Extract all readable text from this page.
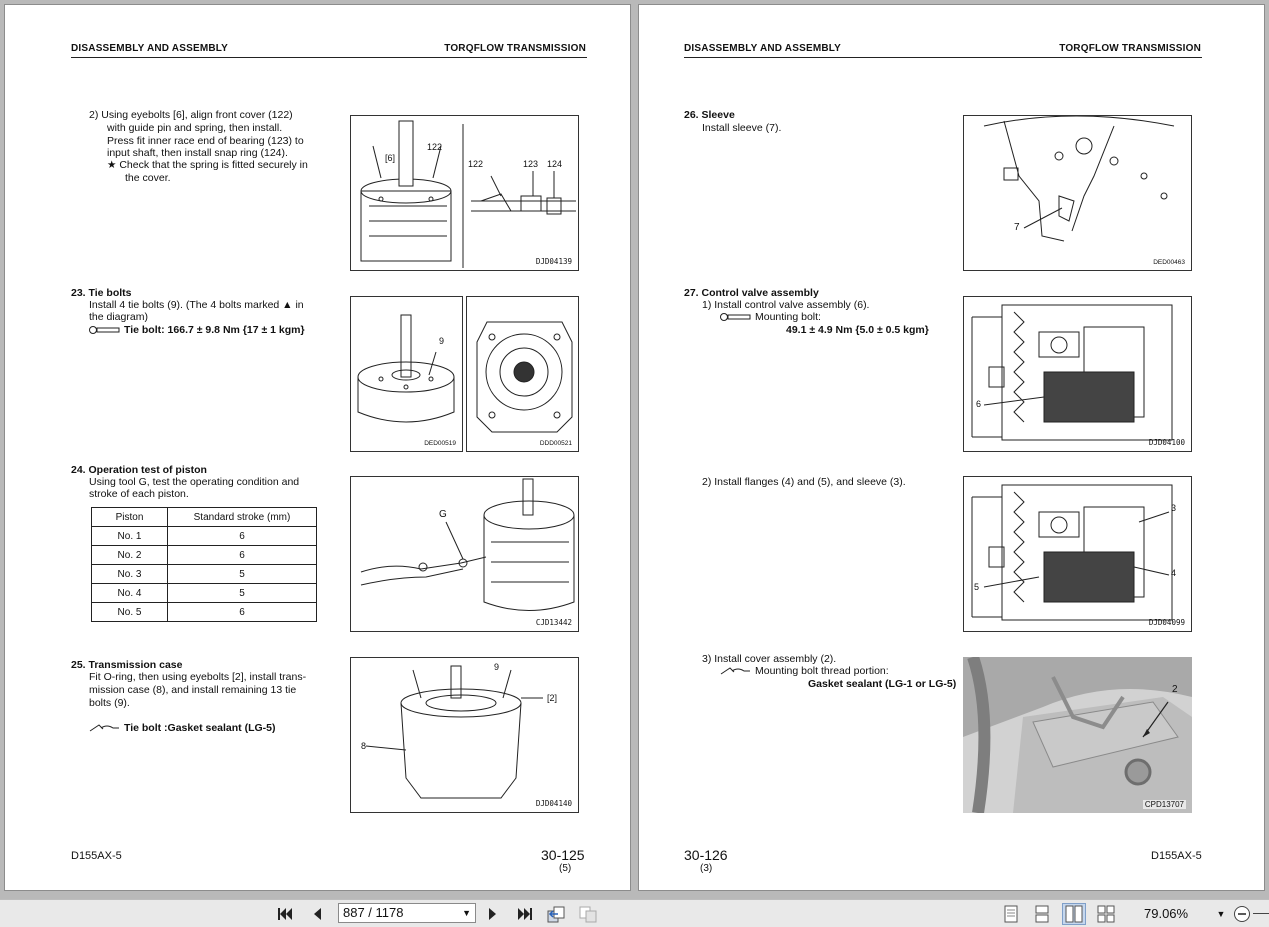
DISASSEMBLY AND ASSEMBLY	TORQFLOW TRANSMISSION
2) Using eyebolts [6], align front cover (122)
with guide pin and spring, then install.
Press fit inner race end of bearing (123) to
input shaft, then install snap ring (124).
★ Check that the spring is fitted securely in
the cover.
[6]
122
122	123 124
DJD04139
23. Tie bolts
Install 4 tie bolts (9). (The 4 bolts marked ▲ in
the diagram)
Tie bolt: 166.7 ± 9.8 Nm {17 ± 1 kgm}
9
DED00519	DDD00521
24. Operation test of piston
Using tool G, test the operating condition and
stroke of each piston.
Piston	Standard stroke (mm)
No. 1	6
No. 2	6
No. 3	5
No. 4	5
No. 5	6
G
CJD13442
25. Transmission case
Fit O-ring, then using eyebolts [2], install trans-
mission case (8), and install remaining 13 tie
bolts (9).
Tie bolt :Gasket sealant (LG-5)
9
[2]
8
DJD04140
D155AX-5	30-125
(5)
DISASSEMBLY AND ASSEMBLY	TORQFLOW TRANSMISSION
26. Sleeve
Install sleeve (7).
7
DED00463
27. Control valve assembly
1) Install control valve assembly (6).
Mounting bolt:
49.1 ± 4.9 Nm {5.0 ± 0.5 kgm}
6
DJD04100
2) Install flanges (4) and (5), and sleeve (3).
3
4
5
DJD04099
3) Install cover assembly (2).
Mounting bolt thread portion:
Gasket sealant (LG-1 or LG-5)	2
CPD13707
30-126
(3)
D155AX-5
887 / 1178	▼	79.06%	▼
